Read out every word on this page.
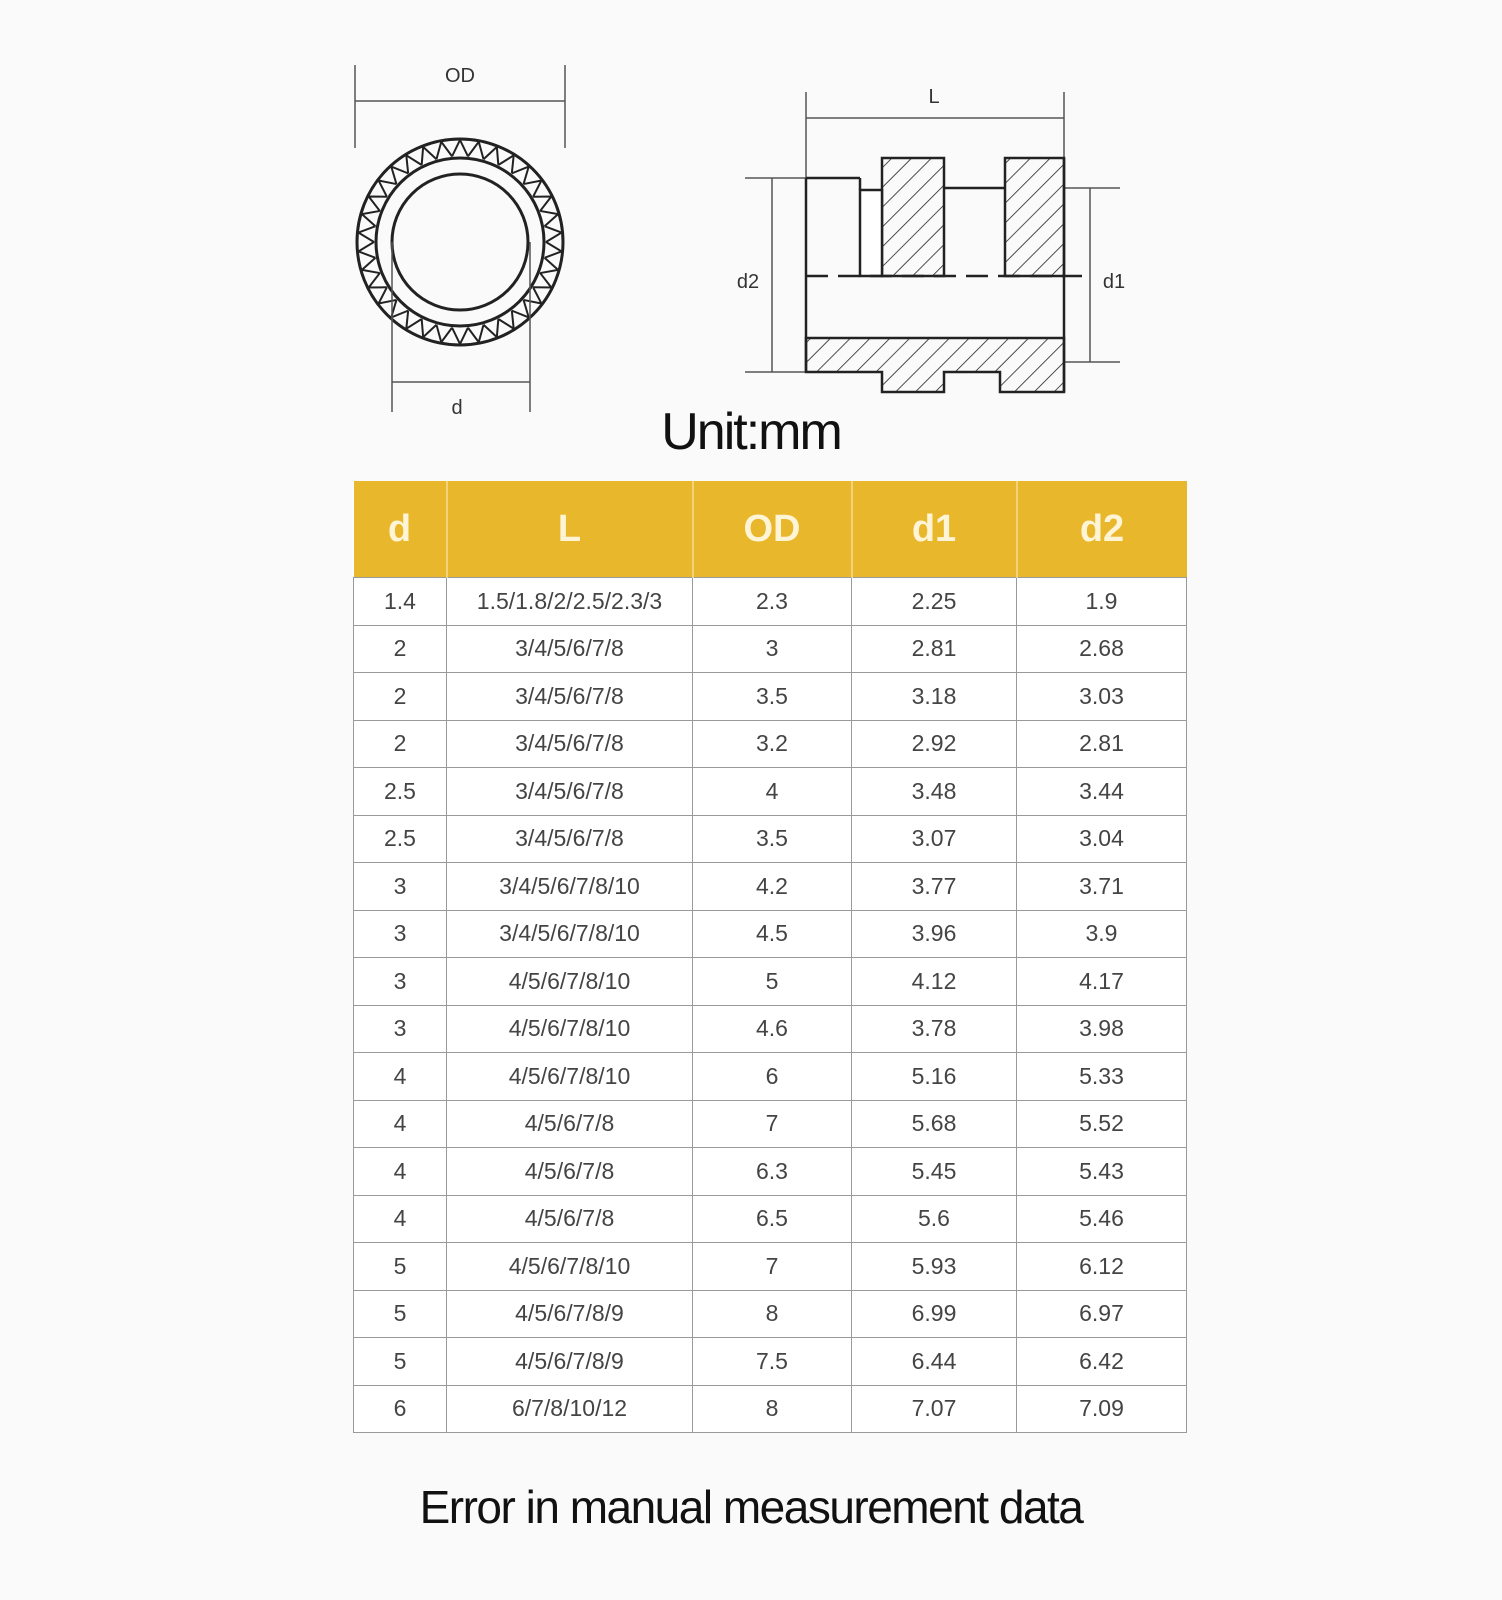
OD
d
L
d2	d1
Unit:mm
d	L	OD	d1	d2
1.4	1.5/1.8/2/2.5/2.3/3	2.3	2.25	1.9
2	3/4/5/6/7/8	3	2.81	2.68
2	3/4/5/6/7/8	3.5	3.18	3.03
2	3/4/5/6/7/8	3.2	2.92	2.81
2.5	3/4/5/6/7/8	4	3.48	3.44
2.5	3/4/5/6/7/8	3.5	3.07	3.04
3	3/4/5/6/7/8/10	4.2	3.77	3.71
3	3/4/5/6/7/8/10	4.5	3.96	3.9
3	4/5/6/7/8/10	5	4.12	4.17
3	4/5/6/7/8/10	4.6	3.78	3.98
4	4/5/6/7/8/10	6	5.16	5.33
4	4/5/6/7/8	7	5.68	5.52
4	4/5/6/7/8	6.3	5.45	5.43
4	4/5/6/7/8	6.5	5.6	5.46
5	4/5/6/7/8/10	7	5.93	6.12
5	4/5/6/7/8/9	8	6.99	6.97
5	4/5/6/7/8/9	7.5	6.44	6.42
6	6/7/8/10/12	8	7.07	7.09
Error in manual measurement data
